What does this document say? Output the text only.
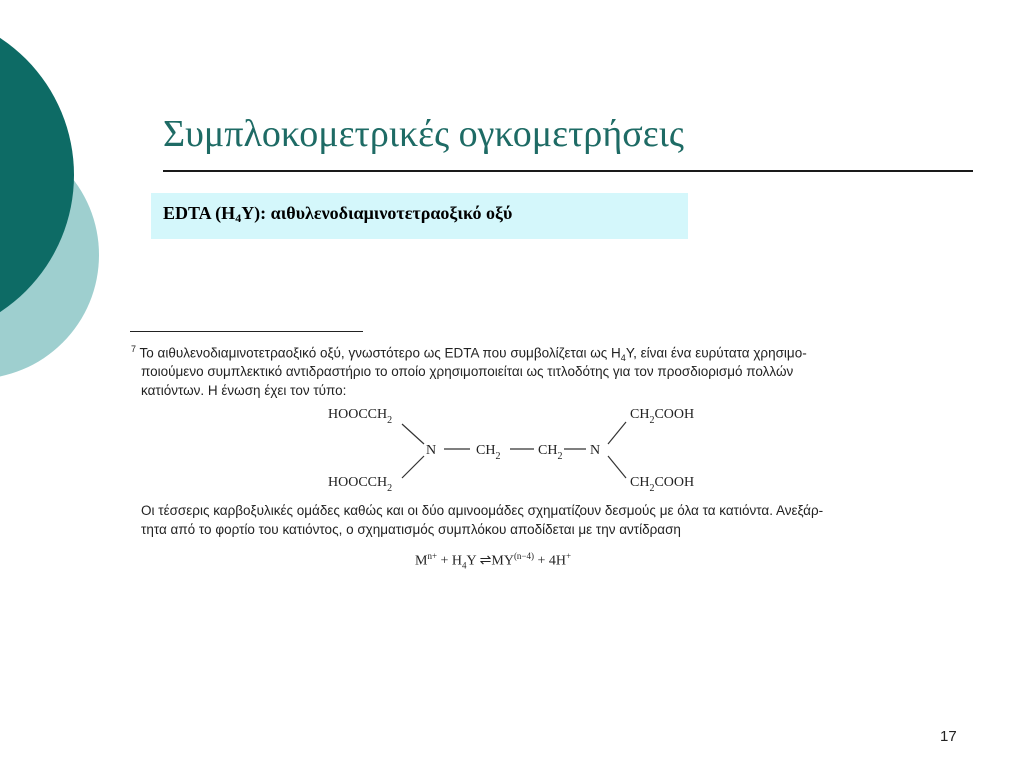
Συμπλοκομετρικές ογκομετρήσεις
EDTA $(H_4Y)$: αιθυλενοδιαμινοτετραοξικό οξύ
$^7$ Το αιθυλενοδιαμινοτετραοξικό οξύ, γνωστότερο ως EDTA που συμβολίζεται ως $H_4Y$, είναι ένα ευρύτατα χρησιμο-
ποιούμενο συμπλεκτικό αντιδραστήριο το οποίο χρησιμοποιείται ως τιτλοδότης για τον προσδιορισμό πολλών
κατιόντων. Η ένωση έχει τον τύπο:
$HOOCCH_2$
$HOOCCH_2$
N	$CH_2$	$CH_2$ N
$CH_2COOH$
$CH_2COOH$
Οι τέσσερις καρβοξυλικές ομάδες καθώς και οι δύο αμινοομάδες σχηματίζουν δεσμούς με όλα τα κατιόντα. Ανεξάρ-
τητα από το φορτίο του κατιόντος, ο σχηματισμός συμπλόκου αποδίδεται με την αντίδραση
$M^{n+} + H_4Y$ $\rightleftharpoons MY^{(n-4)} + 4H^+$
17
